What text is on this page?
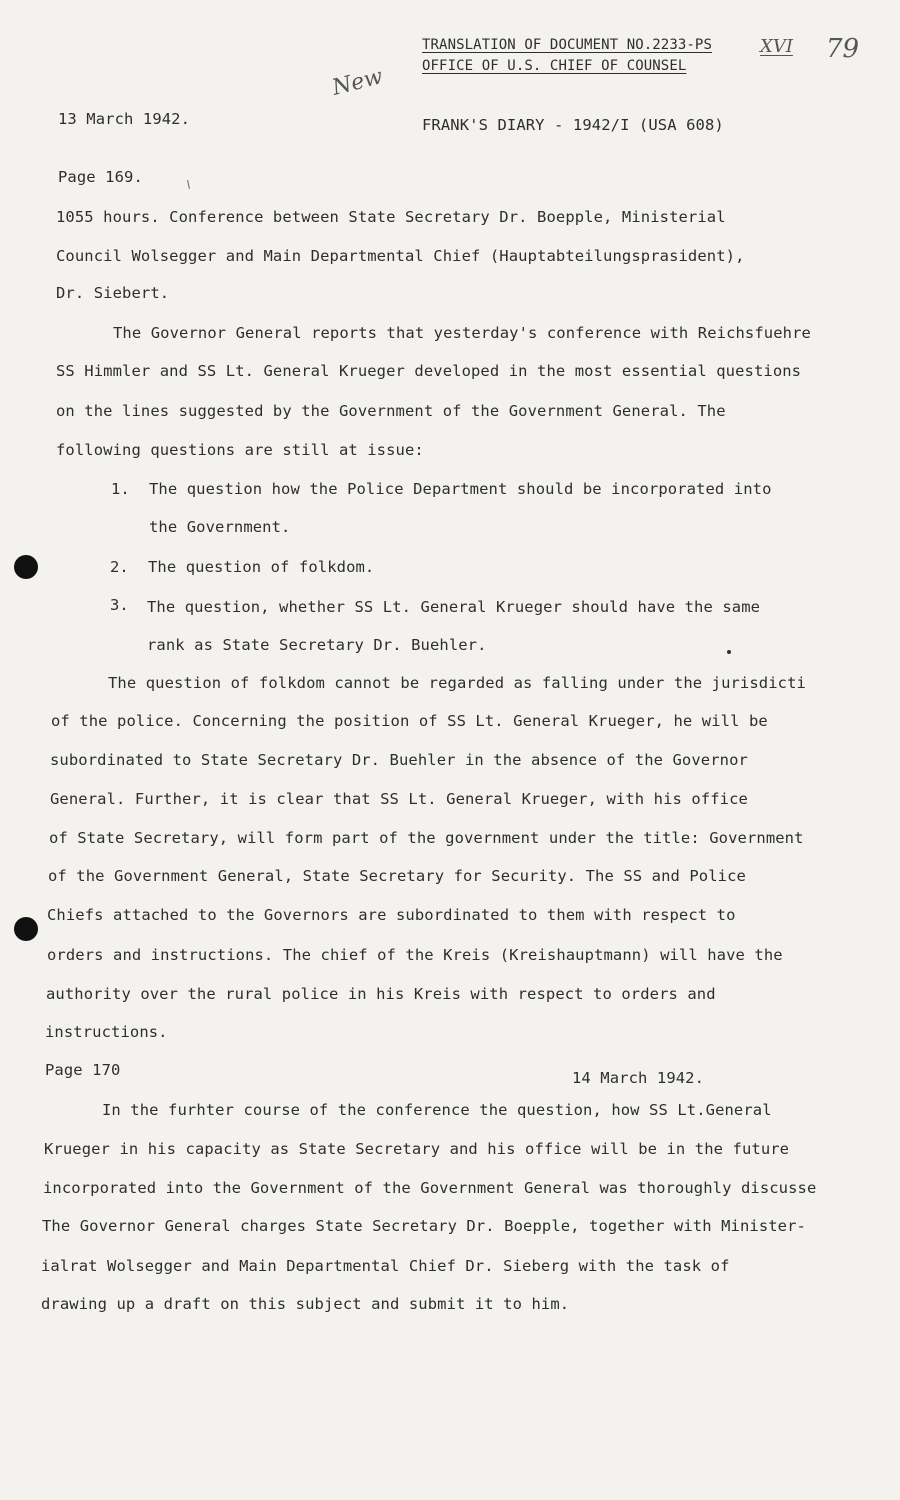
TRANSLATION OF DOCUMENT NO.2233-PS
OFFICE OF U.S. CHIEF OF COUNSEL
XVI 79
New
13 March 1942.	FRANK'S DIARY - 1942/I (USA 608)
Page 169.
1055 hours. Conference between State Secretary Dr. Boepple, Ministerial
Council Wolsegger and Main Departmental Chief (Hauptabteilungsprasident),
Dr. Siebert.
The Governor General reports that yesterday's conference with Reichsfuehre
SS Himmler and SS Lt. General Krueger developed in the most essential questions
on the lines suggested by the Government of the Government General. The
following questions are still at issue:
1. The question how the Police Department should be incorporated into
the Government.
2. The question of folkdom.
3. The question, whether SS Lt. General Krueger should have the same
rank as State Secretary Dr. Buehler.
The question of folkdom cannot be regarded as falling under the jurisdicti
of the police. Concerning the position of SS Lt. General Krueger, he will be
subordinated to State Secretary Dr. Buehler in the absence of the Governor
General. Further, it is clear that SS Lt. General Krueger, with his office
of State Secretary, will form part of the government under the title: Government
of the Government General, State Secretary for Security. The SS and Police
Chiefs attached to the Governors are subordinated to them with respect to
orders and instructions. The chief of the Kreis (Kreishauptmann) will have the
authority over the rural police in his Kreis with respect to orders and
instructions.
Page 170	14 March 1942.
In the furhter course of the conference the question, how SS Lt.General
Krueger in his capacity as State Secretary and his office will be in the future
incorporated into the Government of the Government General was thoroughly discusse
The Governor General charges State Secretary Dr. Boepple, together with Minister-
ialrat Wolsegger and Main Departmental Chief Dr. Sieberg with the task of
drawing up a draft on this subject and submit it to him.
